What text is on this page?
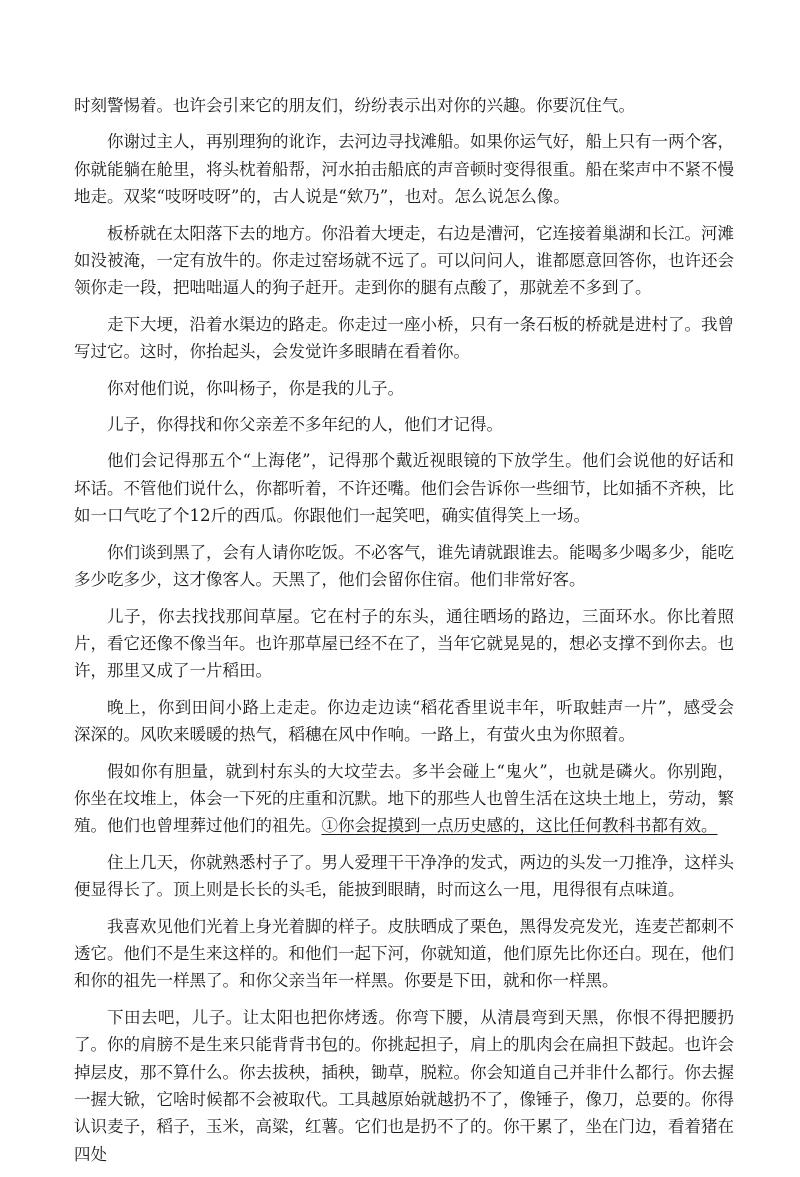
时刻警惕着。也许会引来它的朋友们，纷纷表示出对你的兴趣。你要沉住气。

你谢过主人，再别理狗的讹诈，去河边寻找滩船。如果你运气好，船上只有一两个客，你就能躺在舱里，将头枕着船帮，河水拍击船底的声音顿时变得很重。船在桨声中不紧不慢地走。双桨“吱呀吱呀”的，古人说是“欸乃”，也对。怎么说怎么像。

板桥就在太阳落下去的地方。你沿着大埂走，右边是漕河，它连接着巢湖和长江。河滩如没被淹，一定有放牛的。你走过窑场就不远了。可以问问人，谁都愿意回答你，也许还会领你走一段，把咄咄逼人的狗子赶开。走到你的腿有点酸了，那就差不多到了。

走下大埂，沿着水渠边的路走。你走过一座小桥，只有一条石板的桥就是进村了。我曾写过它。这时，你抬起头，会发觉许多眼睛在看着你。

你对他们说，你叫杨子，你是我的儿子。

儿子，你得找和你父亲差不多年纪的人，他们才记得。

他们会记得那五个“上海佬”，记得那个戴近视眼镜的下放学生。他们会说他的好话和坏话。不管他们说什么，你都听着，不许还嘴。他们会告诉你一些细节，比如插不齐秧，比如一口气吃了个12斤的西瓜。你跟他们一起笑吧，确实值得笑上一场。

你们谈到黑了，会有人请你吃饭。不必客气，谁先请就跟谁去。能喝多少喝多少，能吃多少吃多少，这才像客人。天黑了，他们会留你住宿。他们非常好客。

儿子，你去找找那间草屋。它在村子的东头，通往晒场的路边，三面环水。你比着照片，看它还像不像当年。也许那草屋已经不在了，当年它就晃晃的，想必支撑不到你去。也许，那里又成了一片稻田。

晚上，你到田间小路上走走。你边走边读“稻花香里说丰年，听取蛙声一片”，感受会深深的。风吹来暖暖的热气，稻穗在风中作响。一路上，有萤火虫为你照着。

假如你有胆量，就到村东头的大坟茔去。多半会碰上“鬼火”，也就是磷火。你别跑，你坐在坟堆上，体会一下死的庄重和沉默。地下的那些人也曾生活在这块土地上，劳动，繁殖。他们也曾埋葬过他们的祖先。①你会捉摸到一点历史感的，这比任何教科书都有效。

住上几天，你就熟悉村子了。男人爱理干干净净的发式，两边的头发一刀推净，这样头便显得长了。顶上则是长长的头毛，能披到眼睛，时而这么一甩，甩得很有点味道。

我喜欢见他们光着上身光着脚的样子。皮肤晒成了栗色，黑得发亮发光，连麦芒都刺不透它。他们不是生来这样的。和他们一起下河，你就知道，他们原先比你还白。现在，他们和你的祖先一样黑了。和你父亲当年一样黑。你要是下田，就和你一样黑。

下田去吧，儿子。让太阳也把你烤透。你弯下腰，从清晨弯到天黑，你恨不得把腰扔了。你的肩膀不是生来只能背背书包的。你挑起担子，肩上的肌肉会在扁担下鼓起。也许会掉层皮，那不算什么。你去拔秧，插秧，锄草，脱粒。你会知道自己并非什么都行。你去握一握大锨，它啥时候都不会被取代。工具越原始就越扔不了，像锤子，像刀，总要的。你得认识麦子，稻子，玉米，高粱，红薯。它们也是扔不了的。你干累了，坐在门边，看着猪在四处
